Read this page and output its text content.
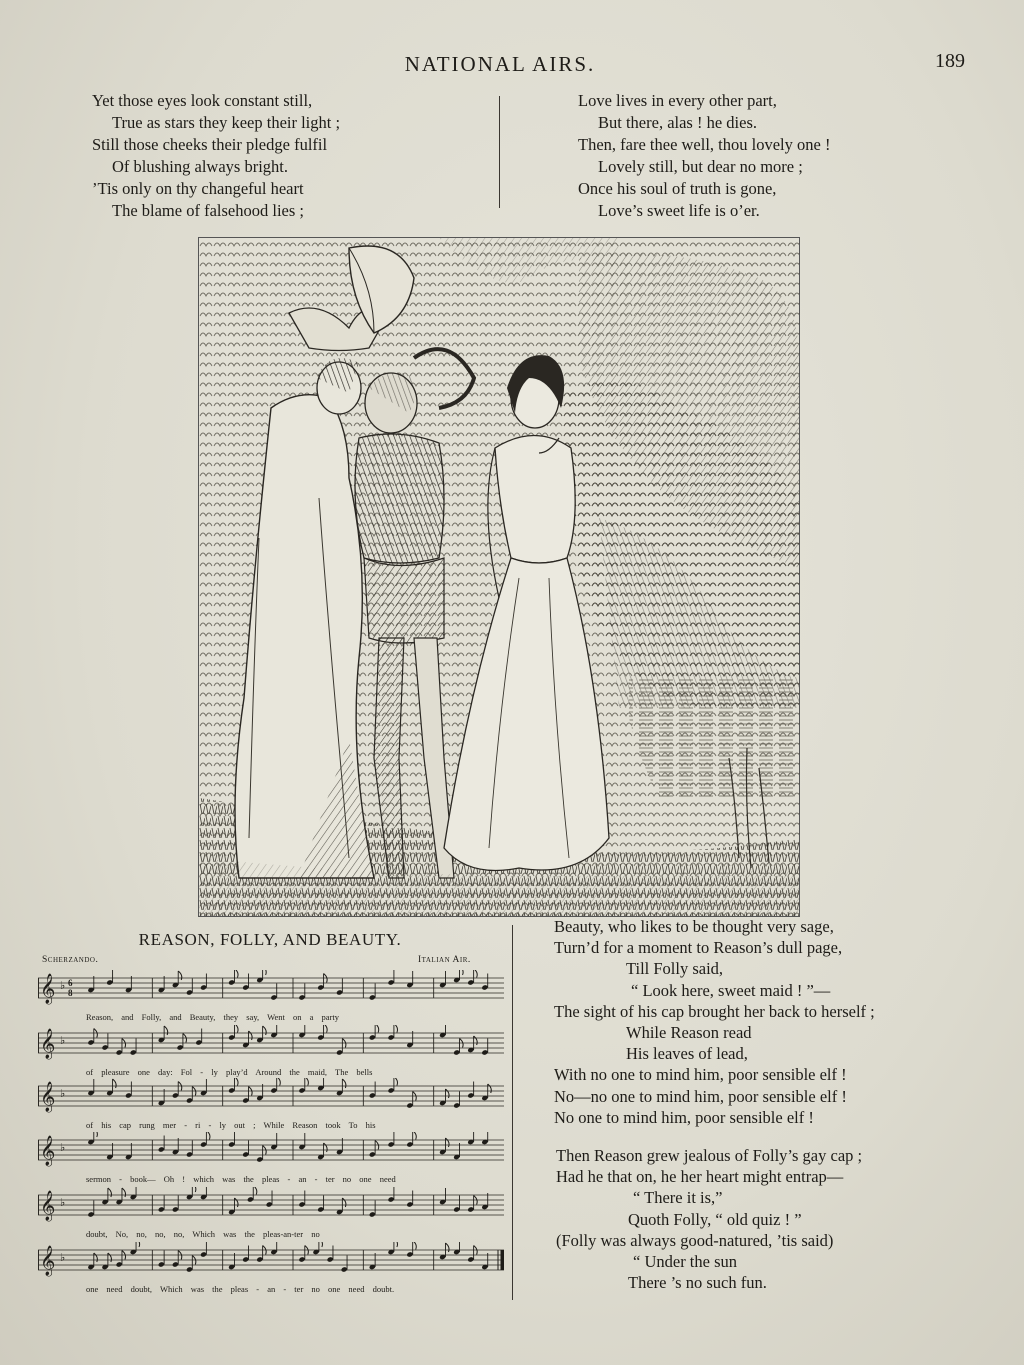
NATIONAL AIRS.	189
Yet those eyes look constant still,
True as stars they keep their light ;
Still those cheeks their pledge fulfil
Of blushing always bright.
’Tis only on thy changeful heart
The blame of falsehood lies ;
Love lives in every other part,
But there, alas ! he dies.
Then, fare thee well, thou lovely one !
Lovely still, but dear no more ;
Once his soul of truth is gone,
Love’s sweet life is o’er.
REASON, FOLLY, AND BEAUTY.
Scherzando.	Italian Air.
𝄞 ♭ 6
8
Reason, and Folly, and Beauty, they say, Went on a party
𝄞 ♭
of pleasure one day: Fol - ly play’d Around the maid, The bells
𝄞 ♭
of his cap rung mer - ri - ly out ; While Reason took To his
𝄞 ♭
sermon - book— Oh ! which was the pleas - an - ter no one need
𝄞 ♭
doubt, No, no, no, no, Which was the pleas-an-ter no
𝄞 ♭
one need doubt, Which was the pleas - an - ter no one need doubt.
Beauty, who likes to be thought very sage,
Turn’d for a moment to Reason’s dull page,
Till Folly said,
“ Look here, sweet maid ! ”—
The sight of his cap brought her back to herself ;
While Reason read
His leaves of lead,
With no one to mind him, poor sensible elf !
No—no one to mind him, poor sensible elf !
No one to mind him, poor sensible elf !
Then Reason grew jealous of Folly’s gay cap ;
Had he that on, he her heart might entrap—
“ There it is,”
Quoth Folly, “ old quiz ! ”
(Folly was always good-natured, ’tis said)
“ Under the sun
There ’s no such fun.
